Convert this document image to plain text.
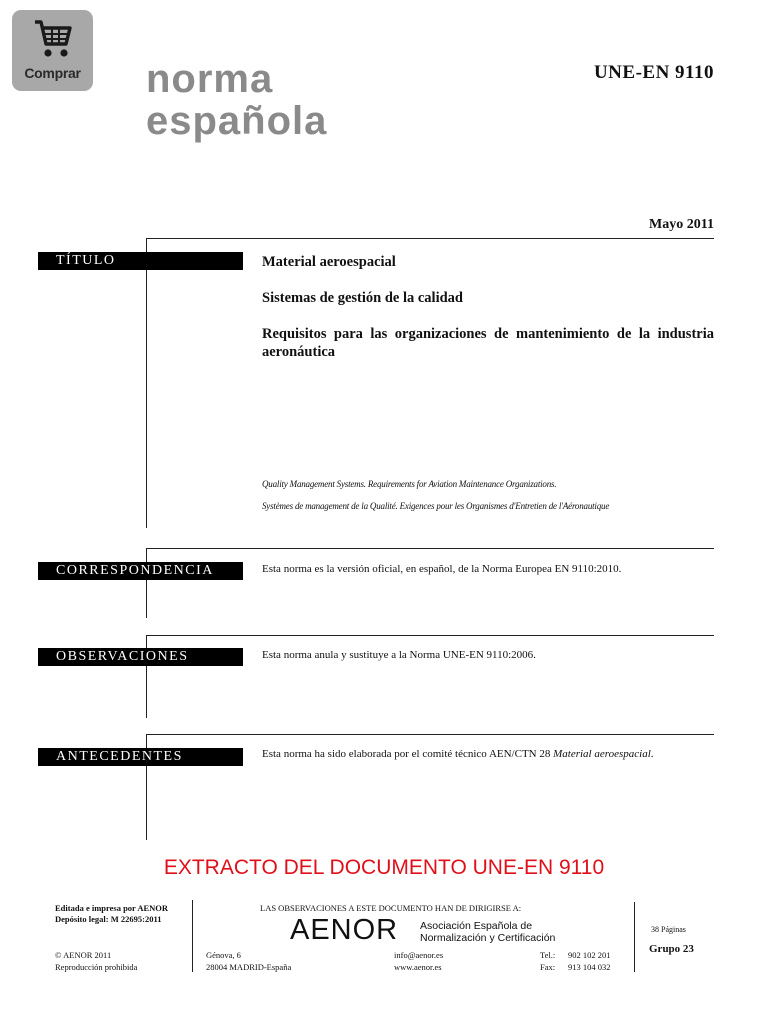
Comprar	norma
española
UNE-EN 9110
Mayo 2011
TÍTULO	Material aeroespacial
Sistemas de gestión de la calidad
Requisitos para las organizaciones de mantenimiento de la industria aeronáutica
Quality Management Systems. Requirements for Aviation Maintenance Organizations.
Systèmes de management de la Qualité. Exigences pour les Organismes d'Entretien de l'Aéronautique
CORRESPONDENCIA	Esta norma es la versión oficial, en español, de la Norma Europea EN 9110:2010.
OBSERVACIONES	Esta norma anula y sustituye a la Norma UNE-EN 9110:2006.
ANTECEDENTES	Esta norma ha sido elaborada por el comité técnico AEN/CTN 28 Material aeroespacial.
EXTRACTO DEL DOCUMENTO UNE-EN 9110
Editada e impresa por AENOR
Depósito legal: M 22695:2011
© AENOR 2011
Reproducción prohibida
LAS OBSERVACIONES A ESTE DOCUMENTO HAN DE DIRIGIRSE A:
AENOR Asociación Española de
Normalización y Certificación
Génova, 6
28004 MADRID-España
info@aenor.es
www.aenor.es
Tel.: 902 102 201
Fax: 913 104 032
38 Páginas
Grupo 23
